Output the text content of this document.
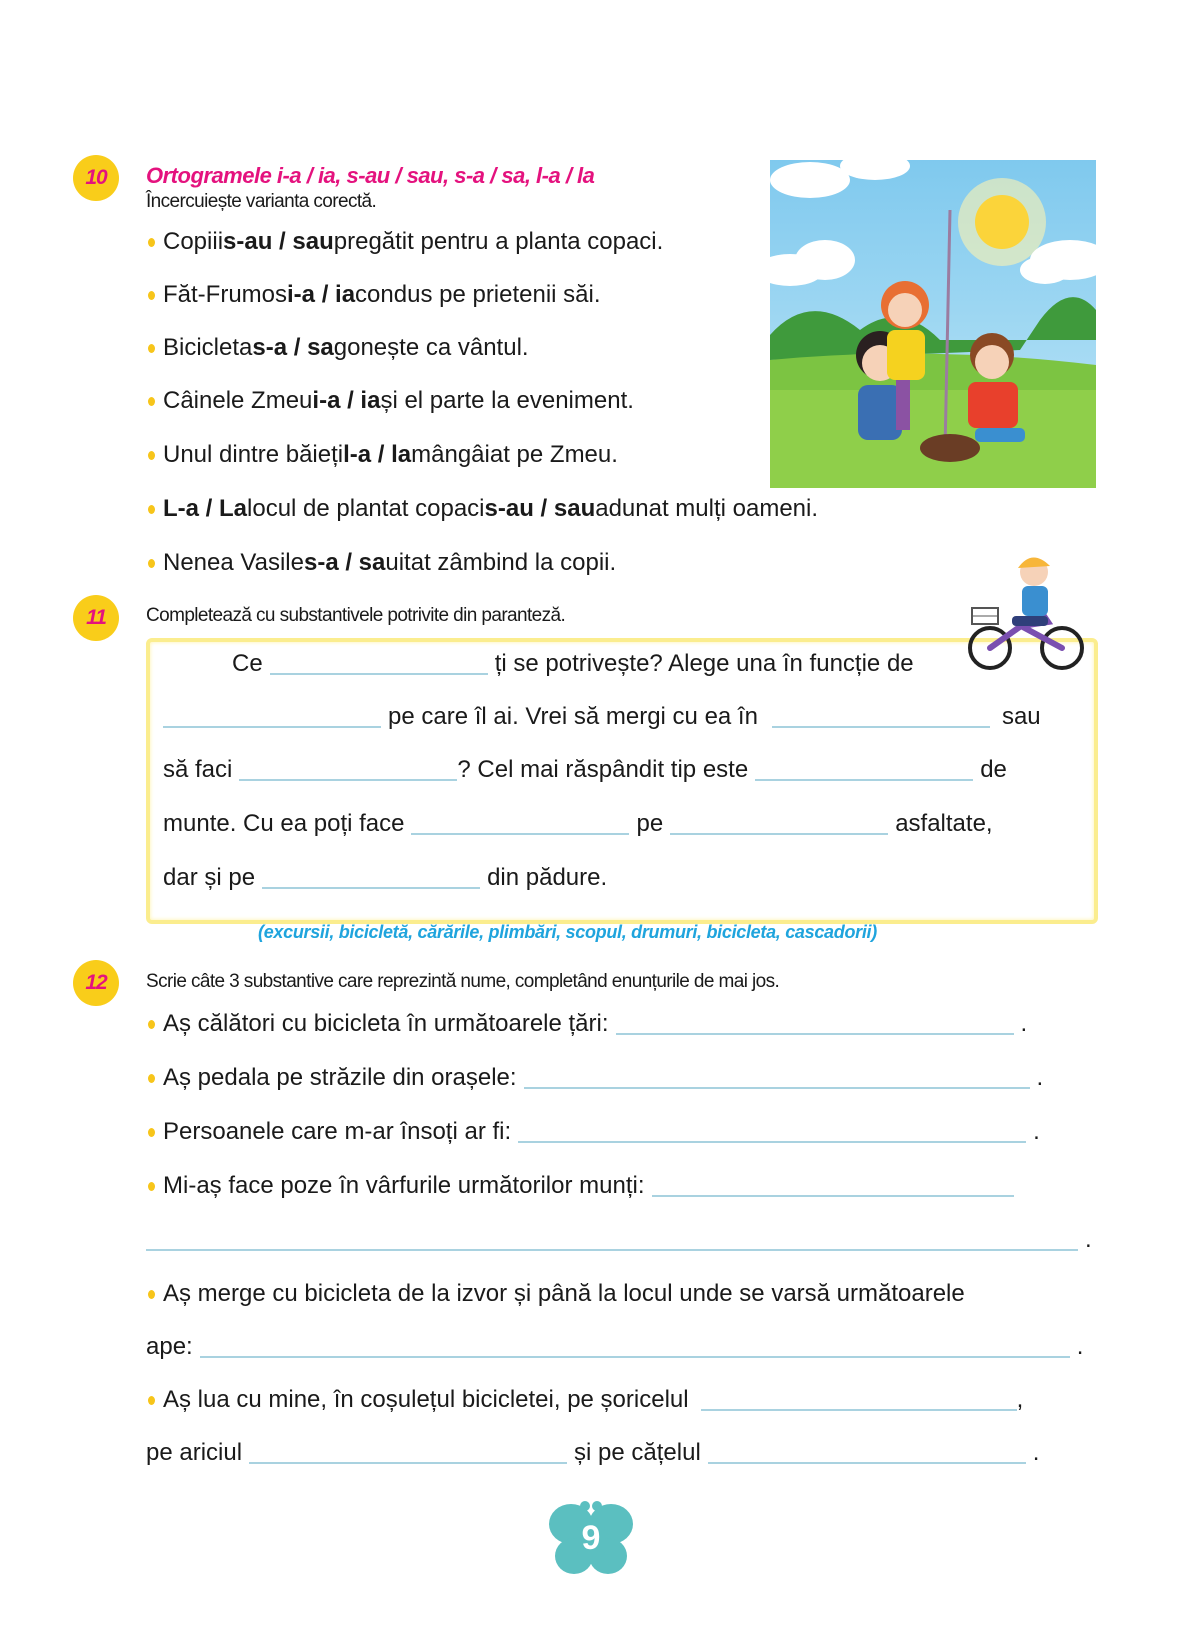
10	Ortogramele i-a / ia, s-au / sau, s-a / sa, l-a / la
Încercuiește varianta corectă.
Copiii s-au / sau pregătit pentru a planta copaci.
Făt-Frumos i-a / ia condus pe prietenii săi.
Bicicleta s-a / sa gonește ca vântul.
Câinele Zmeu i-a / ia și el parte la eveniment.
Unul dintre băieți l-a / la mângâiat pe Zmeu.
L-a / La locul de plantat copaci s-au / sau adunat mulți oameni.
Nenea Vasile s-a / sa uitat zâmbind la copii.
11	Completează cu substantivele potrivite din paranteză.
Ce	ți se potrivește? Alege una în funcție de
pe care îl ai. Vrei să mergi cu ea în	sau
să faci	? Cel mai răspândit tip este	de
munte. Cu ea poți face	pe	asfaltate,
dar și pe	din pădure.
(excursii, bicicletă, cărările, plimbări, scopul, drumuri, bicicleta, cascadorii)
12	Scrie câte 3 substantive care reprezintă nume, completând enunțurile de mai jos.
Aș călători cu bicicleta în următoarele țări:	.
Aș pedala pe străzile din orașele:	.
Persoanele care m-ar însoți ar fi:	.
Mi-aș face poze în vârfurile următorilor munți:
.
Aș merge cu bicicleta de la izvor și până la locul unde se varsă următoarele
ape:	.
Aș lua cu mine, în coșulețul bicicletei, pe șoricelul	,
pe ariciul	și pe cățelul	.
9
